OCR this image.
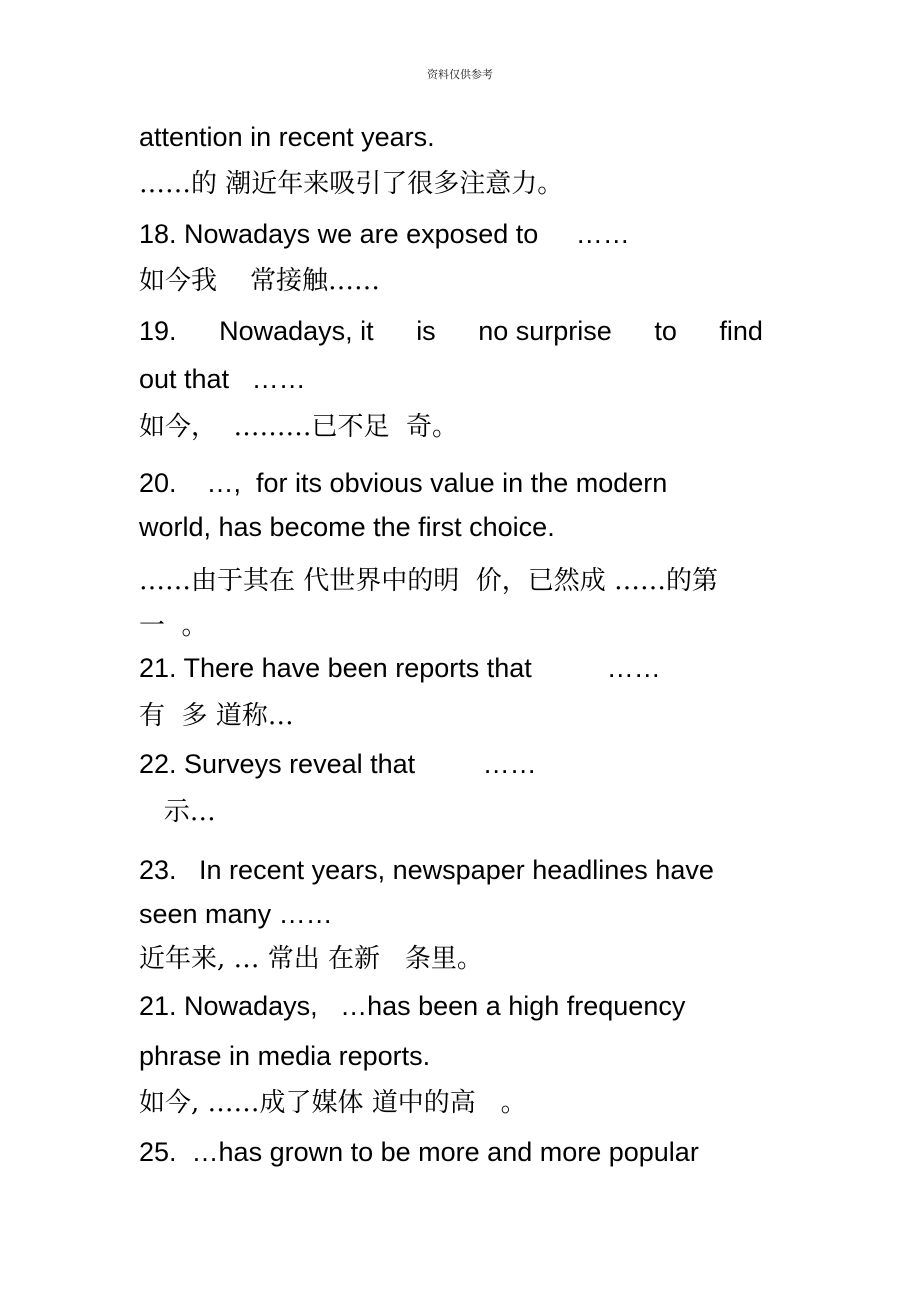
资料仅供参考
attention in recent years.
……的 潮近年来吸引了很多注意力。
18. Nowadays we are exposed to     ……
如今我    常接触……
19. Nowadays, it is no surprise to find
out that   ……
如今，  ………已不足  奇。
20.    …,  for its obvious value in the modern
world, has become the first choice.
……由于其在 代世界中的明  价，已然成 ……的第
一  。
21. There have been reports that          ……
有  多 道称…
22. Surveys reveal that         ……
示…
23.   In recent years, newspaper headlines have
seen many ……
近年来, … 常出 在新   条里。
21. Nowadays,   …has been a high frequency
phrase in media reports.
如今, ……成了媒体 道中的高   。
25.  …has grown to be more and more popular
